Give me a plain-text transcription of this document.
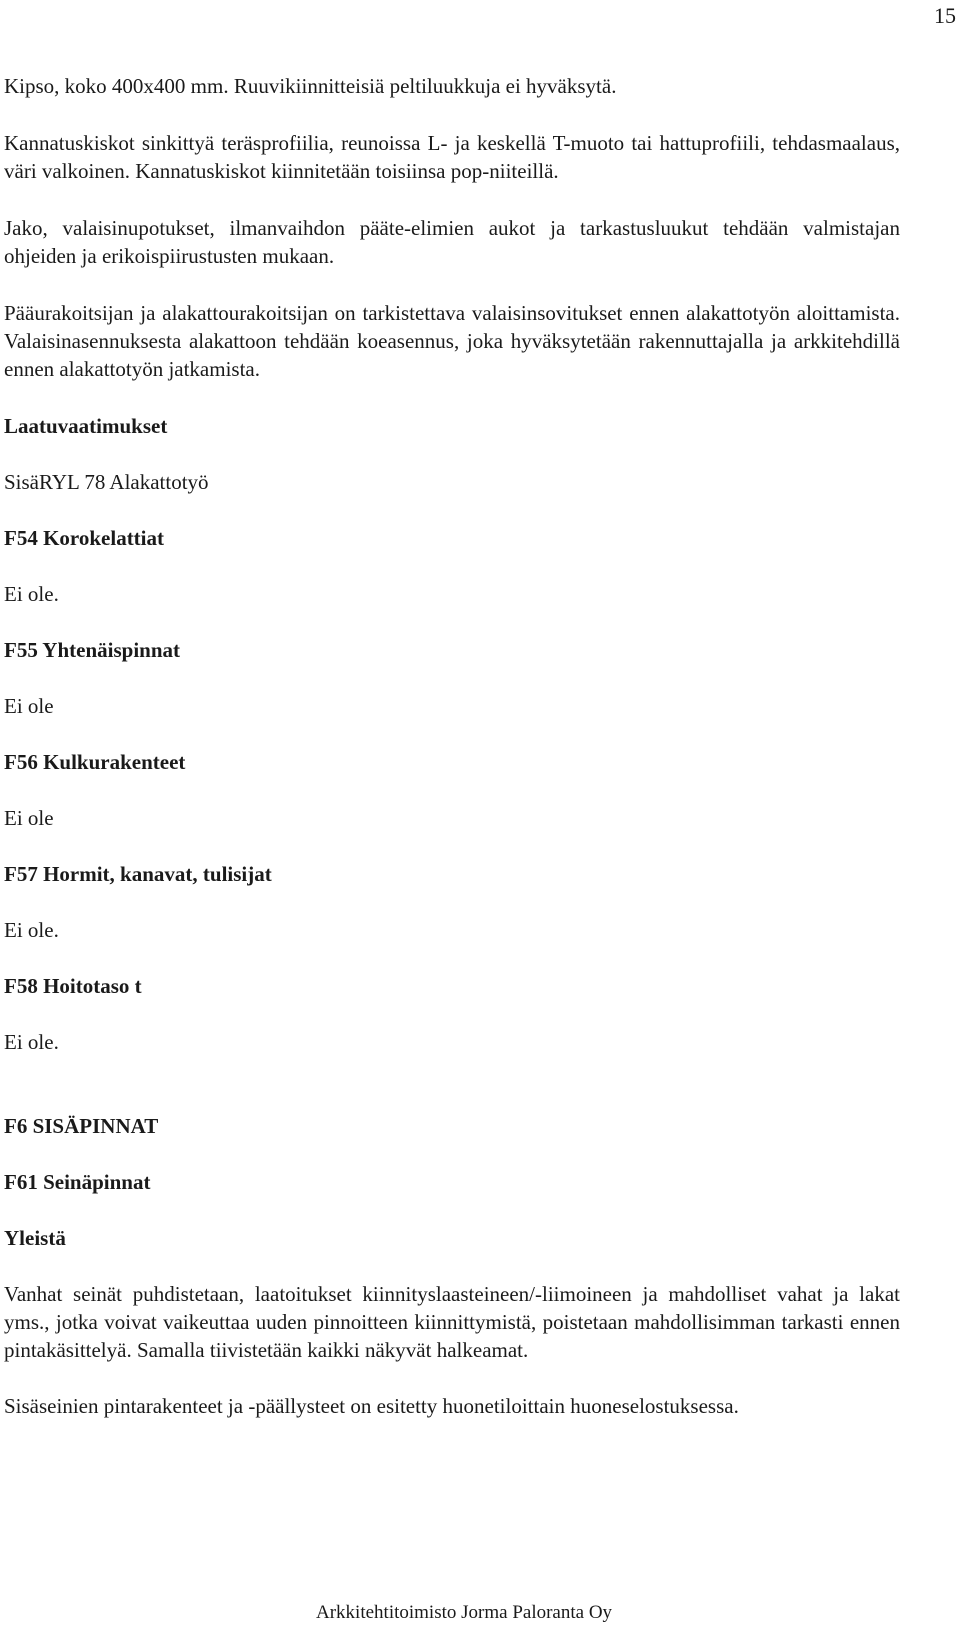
15

Kipso, koko 400x400 mm. Ruuvikiinnitteisiä peltiluukkuja ei hyväksytä.

Kannatuskiskot sinkittyä teräsprofiilia, reunoissa L- ja keskellä T-muoto tai hattuprofiili, tehdasmaalaus, väri valkoinen. Kannatuskiskot kiinnitetään toisiinsa pop-niiteillä.

Jako, valaisinupotukset, ilmanvaihdon pääte-elimien aukot ja tarkastusluukut tehdään valmistajan ohjeiden ja erikoispiirustusten mukaan.

Pääurakoitsijan ja alakattourakoitsijan on tarkistettava valaisinsovitukset ennen alakattotyön aloittamista. Valaisinasennuksesta alakattoon tehdään koeasennus, joka hyväksytetään rakennuttajalla ja arkkitehdillä ennen alakattotyön jatkamista.

Laatuvaatimukset

SisäRYL 78 Alakattotyö

F54 Korokelattiat

Ei ole.

F55 Yhtenäispinnat

Ei ole

F56 Kulkurakenteet

Ei ole

F57 Hormit, kanavat, tulisijat

Ei ole.

F58 Hoitotaso t

Ei ole.

F6 SISÄPINNAT

F61 Seinäpinnat

Yleistä

Vanhat seinät puhdistetaan, laatoitukset kiinnityslaasteineen/-liimoineen ja mahdolliset vahat ja lakat yms., jotka voivat vaikeuttaa uuden pinnoitteen kiinnittymistä, poistetaan mahdollisimman tarkasti ennen pintakäsittelyä. Samalla tiivistetään kaikki näkyvät halkeamat.

Sisäseinien pintarakenteet ja -päällysteet on esitetty huonetiloittain huoneselostuksessa.

Arkkitehtitoimisto Jorma Paloranta Oy
